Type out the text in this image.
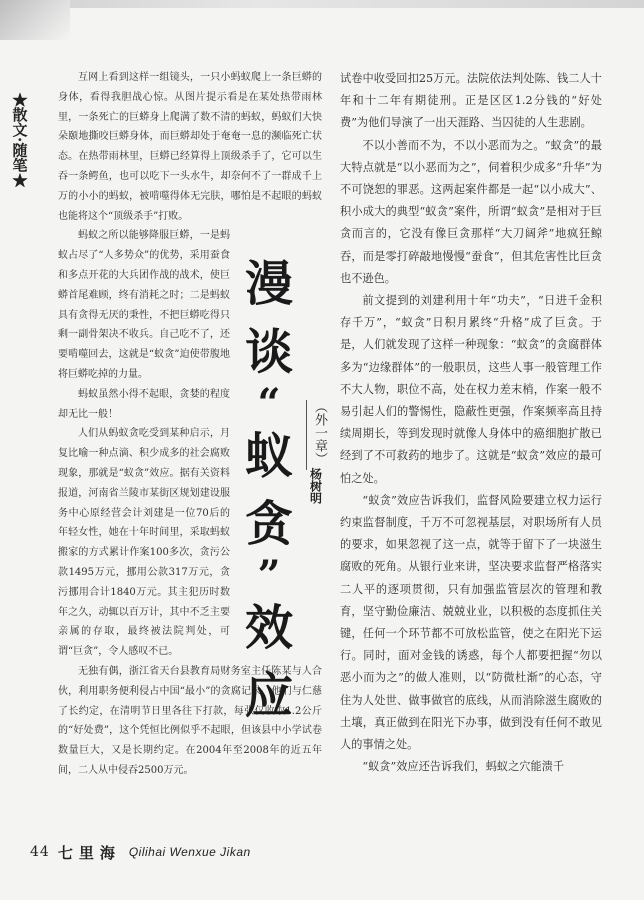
★散文·随笔★

互网上看到这样一组镜头，一只小蚂蚁爬上一条巨蟒的身体，看得我胆战心惊。从图片提示看是在某处热带雨林里，一条死亡的巨蟒身上爬满了数不清的蚂蚁，蚂蚁们大快朵颐地撕咬巨蟒身体，而巨蟒却处于奄奄一息的濒临死亡状态。在热带雨林里，巨蟒已经算得上顶级杀手了，它可以生吞一条鳄鱼，也可以吃下一头水牛，却奈何不了一群成千上万的小小的蚂蚁，被啃噬得体无完肤，哪怕是不起眼的蚂蚁也能将这个“顶级杀手”打败。

蚂蚁之所以能够降服巨蟒，一是蚂蚁占尽了“人多势众”的优势，采用蚕食和多点开花的大兵团作战的战术，使巨蟒首尾难顾，终有消耗之时；二是蚂蚁具有贪得无厌的秉性，不把巨蟒吃得只剩一副骨架决不收兵。自己吃不了，还要啃噬回去，这就是“蚁贪”迫使带腹地将巨蟒吃掉的力量。

蚂蚁虽然小得不起眼，贪婪的程度却无比一般！

人们从蚂蚁贪吃受到某种启示，月复比喻一种点滴、积少成多的社会腐败现象，那就是“蚁贪”效应。据有关资料报道，河南省兰陵市某街区规划建设服务中心原经营会计刘建是一位70后的年轻女性，她在十年时间里，采取蚂蚁搬家的方式累计作案100多次，贪污公款1495万元，挪用公款317万元，贪污挪用合计1840万元。其主犯历时数年之久，动辄以百万计，其中不乏主要亲属的存取，最终被法院判处，可谓“巨贪”，令人感叹不已。

无独有偶，浙江省天台县教育局财务室主任陈某与人合伙，利用职务便利侵占中国“最小”的贪腐记录，他们与仁慈了长约定，在清明节日里各往下打款，每张仅收取1.2公斤的“好处费”，这个凭恒比例似乎不起眼，但该县中小学试卷数量巨大，又是长期约定。在2004年至2008年的近五年间，二人从中侵吞2500万元。

漫
谈
“
蚁
贪
”
效
应
（外一章）
杨树明

试卷中收受回扣25万元。法院依法判处陈、钱二人十年和十二年有期徒刑。正是区区1.2分钱的“好处费”为他们导演了一出天涯路、当囚徒的人生悲剧。

不以小善而不为，不以小恶而为之。“蚁贪”的最大特点就是“以小恶而为之”，伺着积少成多“升华”为不可饶恕的罪恶。这两起案件都是一起“以小成大”、积小成大的典型“蚁贪”案件，所谓“蚁贪”是相对于巨贪而言的，它没有像巨贪那样“大刀阔斧”地疯狂鲸吞，而是零打碎敲地慢慢“蚕食”，但其危害性比巨贪也不逊色。

前文提到的刘建利用十年“功夫”，“日进千金积存千万”，“蚁贪”日积月累终“升格”成了巨贪。于是，人们就发现了这样一种现象：“蚁贪”的贪腐群体多为“边缘群体”的一般职员，这些人事一般管理工作不大人物，职位不高，处在权力差末梢，作案一般不易引起人们的警惕性，隐蔽性更强，作案频率高且持续周期长，等到发现时就像人身体中的癌细胞扩散已经到了不可救药的地步了。这就是“蚁贪”效应的最可怕之处。

“蚁贪”效应告诉我们，监督风险要建立权力运行约束监督制度，千万不可忽视基层，对职场所有人员的要求，如果忽视了这一点，就等于留下了一块滋生腐败的死角。从银行业来讲，坚决要求监督严格落实二人平的逐项贯彻，只有加强监管层次的管理和教育，坚守勤俭廉洁、兢兢业业，以积极的态度抓住关键，任何一个环节都不可放松监管，使之在阳光下运行。同时，面对金钱的诱惑，每个人都要把握“勿以恶小而为之”的做人准则，以“防微杜渐”的心态，守住为人处世、做事做官的底线，从而消除滋生腐败的土壤，真正做到在阳光下办事，做到没有任何不敢见人的事情之处。

“蚁贪”效应还告诉我们，蚂蚁之穴能溃千

44 七里海 Qilihai Wenxue Jikan
